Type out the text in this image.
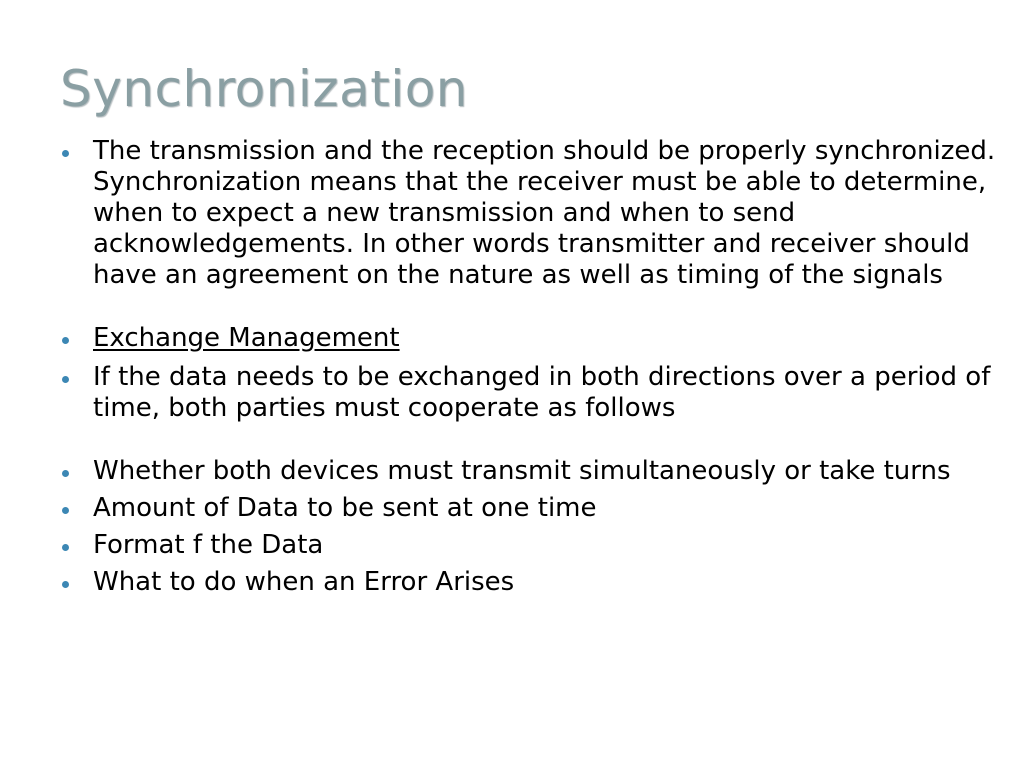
Synchronization
The transmission and the reception should be properly synchronized. Synchronization means that the receiver must be able to determine, when to expect a new transmission and when to send acknowledgements. In other words transmitter and receiver should have an agreement on the nature as well as timing of the signals
Exchange Management
If the data needs to be exchanged in both directions over a period of time, both parties must cooperate as follows
Whether both devices must transmit simultaneously or take turns
Amount of Data to be sent at one time
Format f the Data
What to do when an Error Arises
